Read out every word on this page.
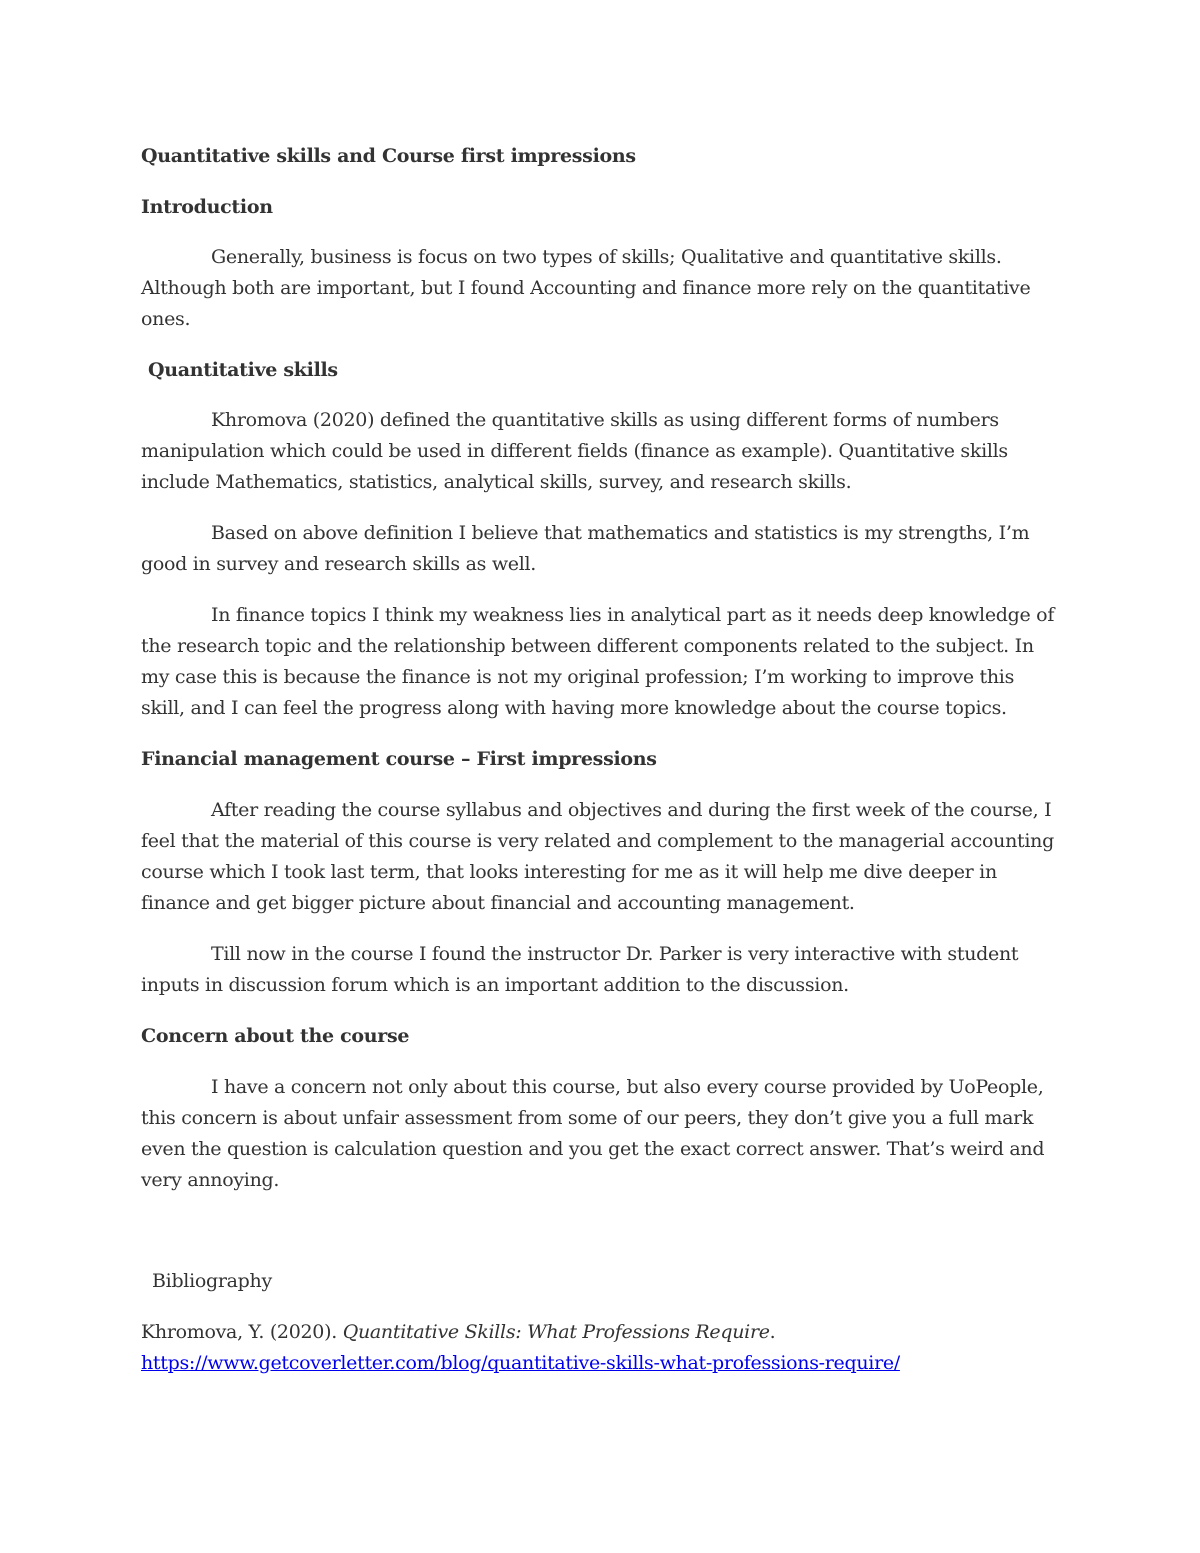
Quantitative skills and Course first impressions

Introduction

Generally, business is focus on two types of skills; Qualitative and quantitative skills. Although both are important, but I found Accounting and finance more rely on the quantitative ones.

Quantitative skills

Khromova (2020) defined the quantitative skills as using different forms of numbers manipulation which could be used in different fields (finance as example). Quantitative skills include Mathematics, statistics, analytical skills, survey, and research skills.

Based on above definition I believe that mathematics and statistics is my strengths, I’m good in survey and research skills as well.

In finance topics I think my weakness lies in analytical part as it needs deep knowledge of the research topic and the relationship between different components related to the subject. In my case this is because the finance is not my original profession; I’m working to improve this skill, and I can feel the progress along with having more knowledge about the course topics.

Financial management course – First impressions

After reading the course syllabus and objectives and during the first week of the course, I feel that the material of this course is very related and complement to the managerial accounting course which I took last term, that looks interesting for me as it will help me dive deeper in finance and get bigger picture about financial and accounting management.

Till now in the course I found the instructor Dr. Parker is very interactive with student inputs in discussion forum which is an important addition to the discussion.

Concern about the course

I have a concern not only about this course, but also every course provided by UoPeople, this concern is about unfair assessment from some of our peers, they don’t give you a full mark even the question is calculation question and you get the exact correct answer. That’s weird and very annoying.

Bibliography

Khromova, Y. (2020). Quantitative Skills: What Professions Require.
https://www.getcoverletter.com/blog/quantitative-skills-what-professions-require/
